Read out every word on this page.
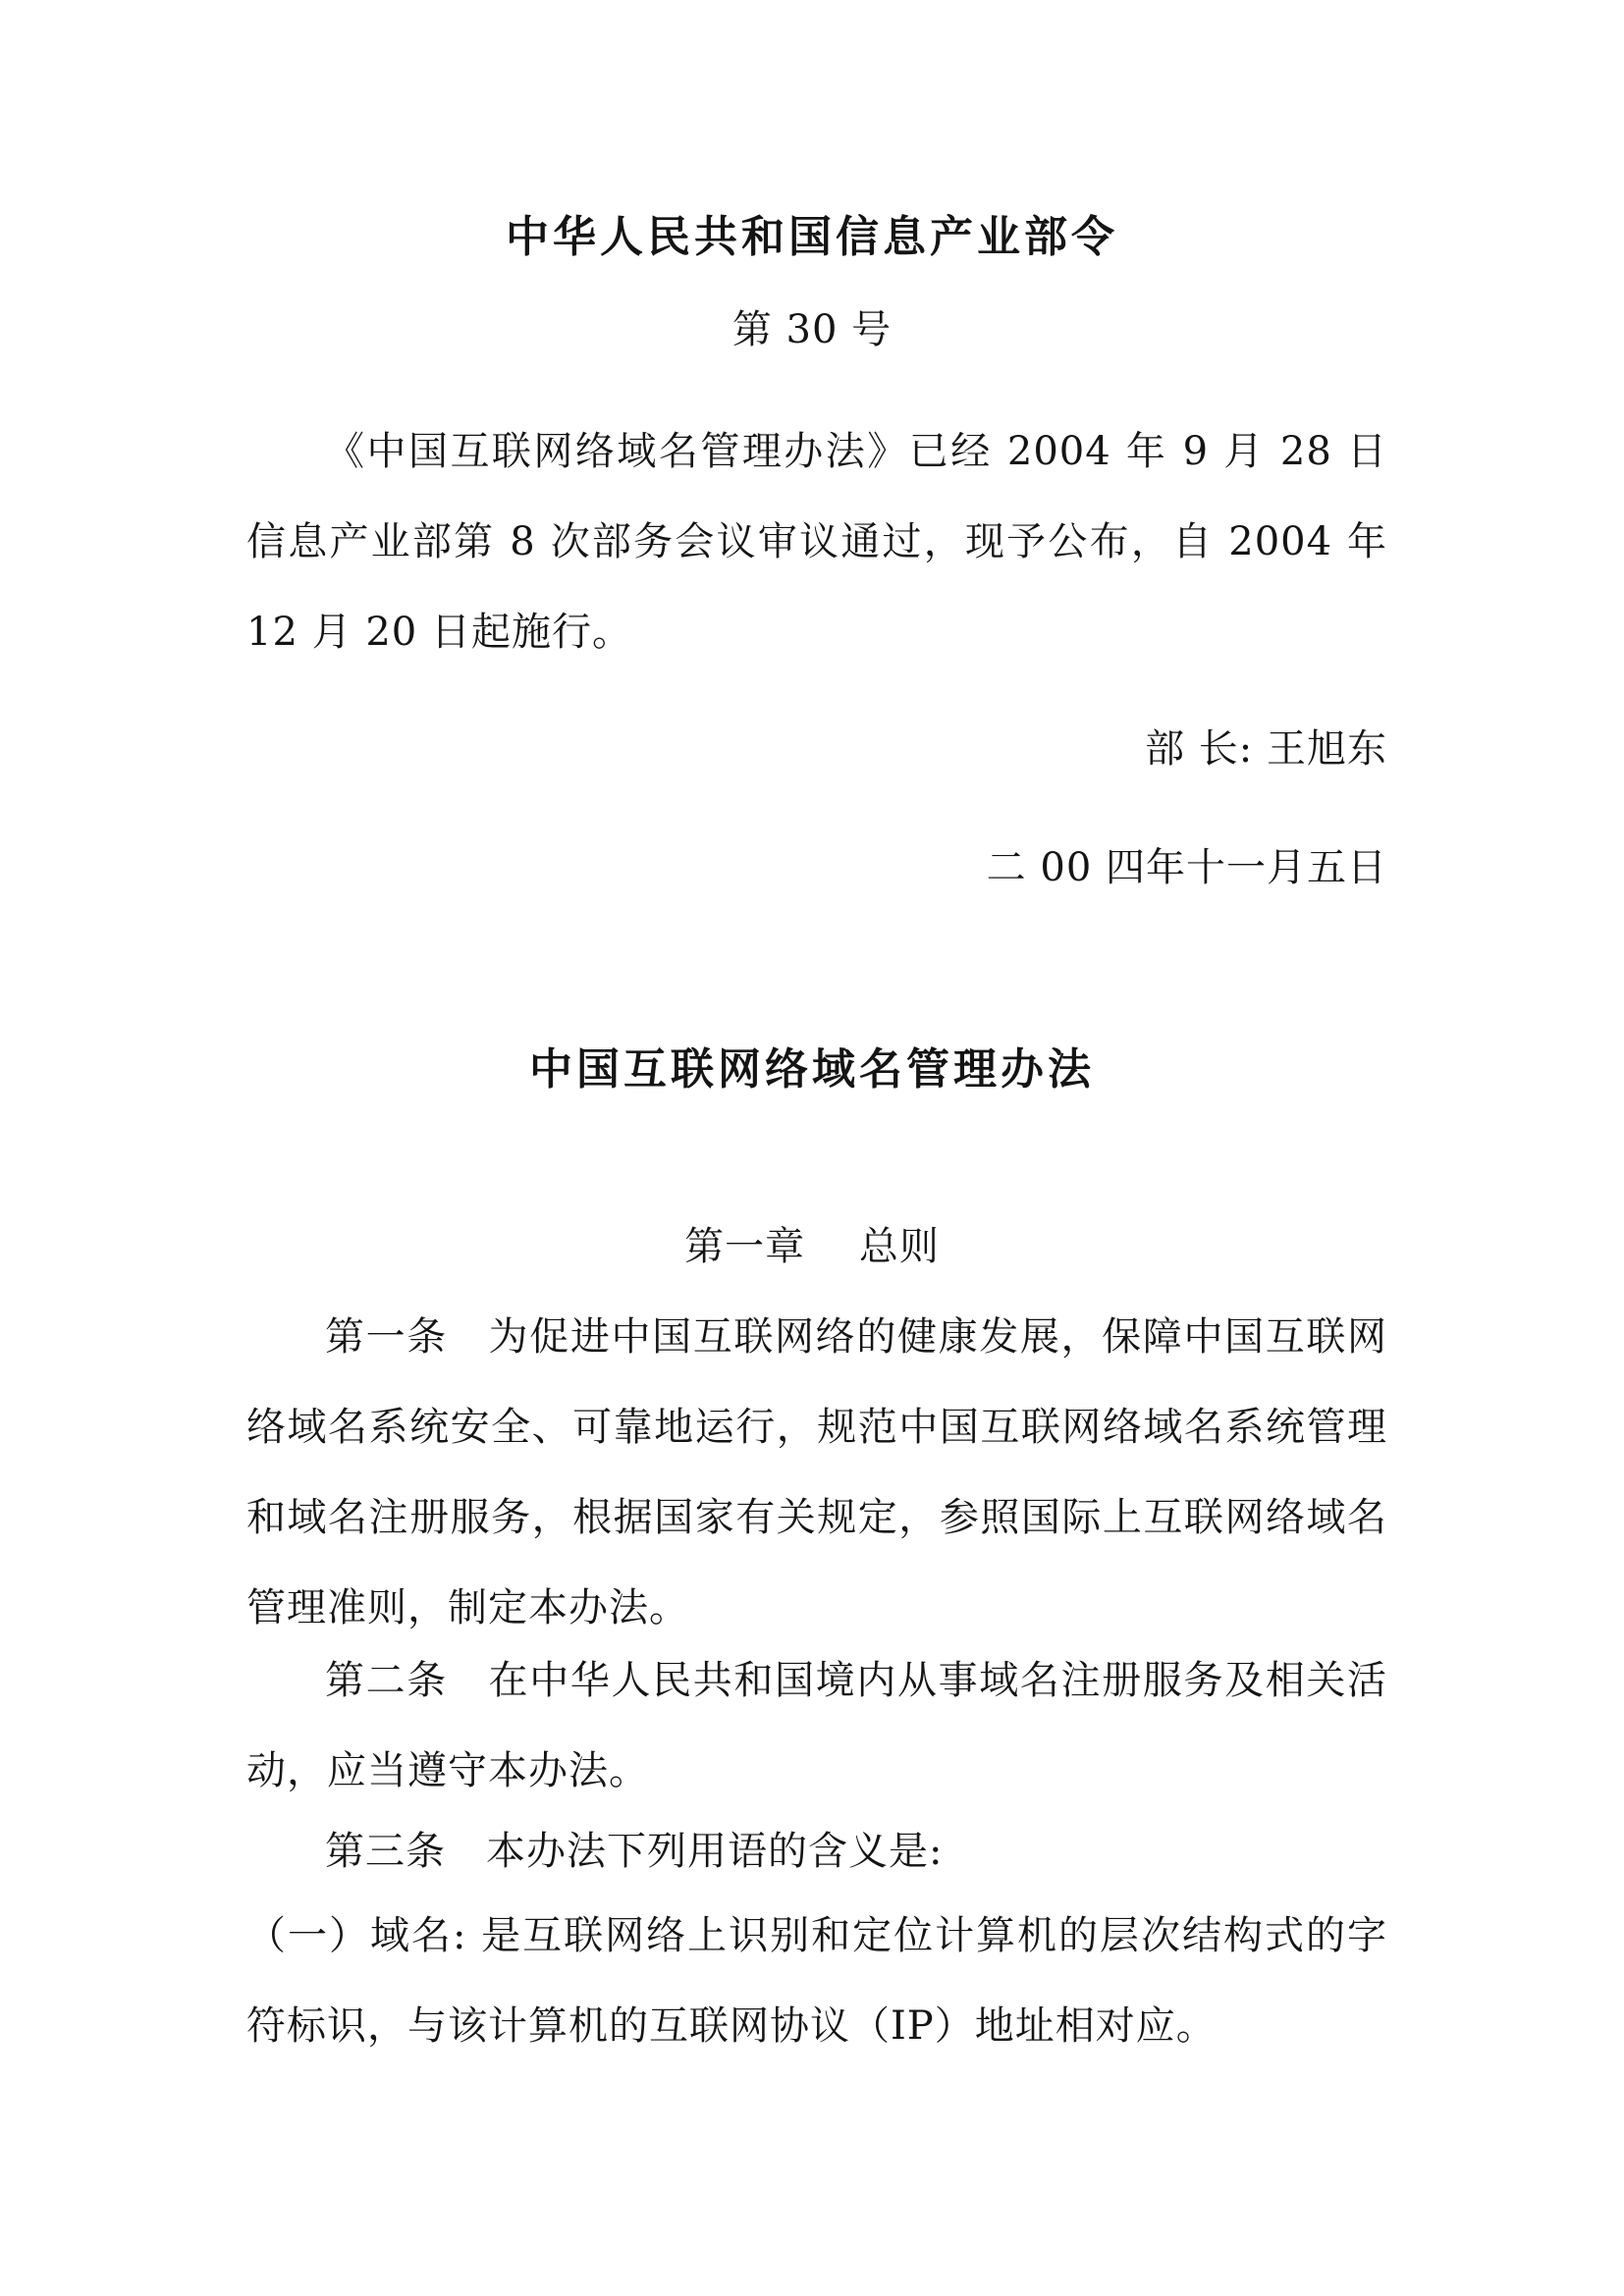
中华人民共和国信息产业部令

第 30 号

《中国互联网络域名管理办法》已经 2004 年 9 月 28 日信息产业部第 8 次部务会议审议通过，现予公布，自 2004 年 12 月 20 日起施行。

部 长: 王旭东

二 00 四年十一月五日

中国互联网络域名管理办法

第一章　 总则

第一条　为促进中国互联网络的健康发展，保障中国互联网络域名系统安全、可靠地运行，规范中国互联网络域名系统管理和域名注册服务，根据国家有关规定，参照国际上互联网络域名管理准则，制定本办法。

第二条　在中华人民共和国境内从事域名注册服务及相关活动，应当遵守本办法。

第三条　本办法下列用语的含义是:

（一）域名: 是互联网络上识别和定位计算机的层次结构式的字符标识，与该计算机的互联网协议（IP）地址相对应。
